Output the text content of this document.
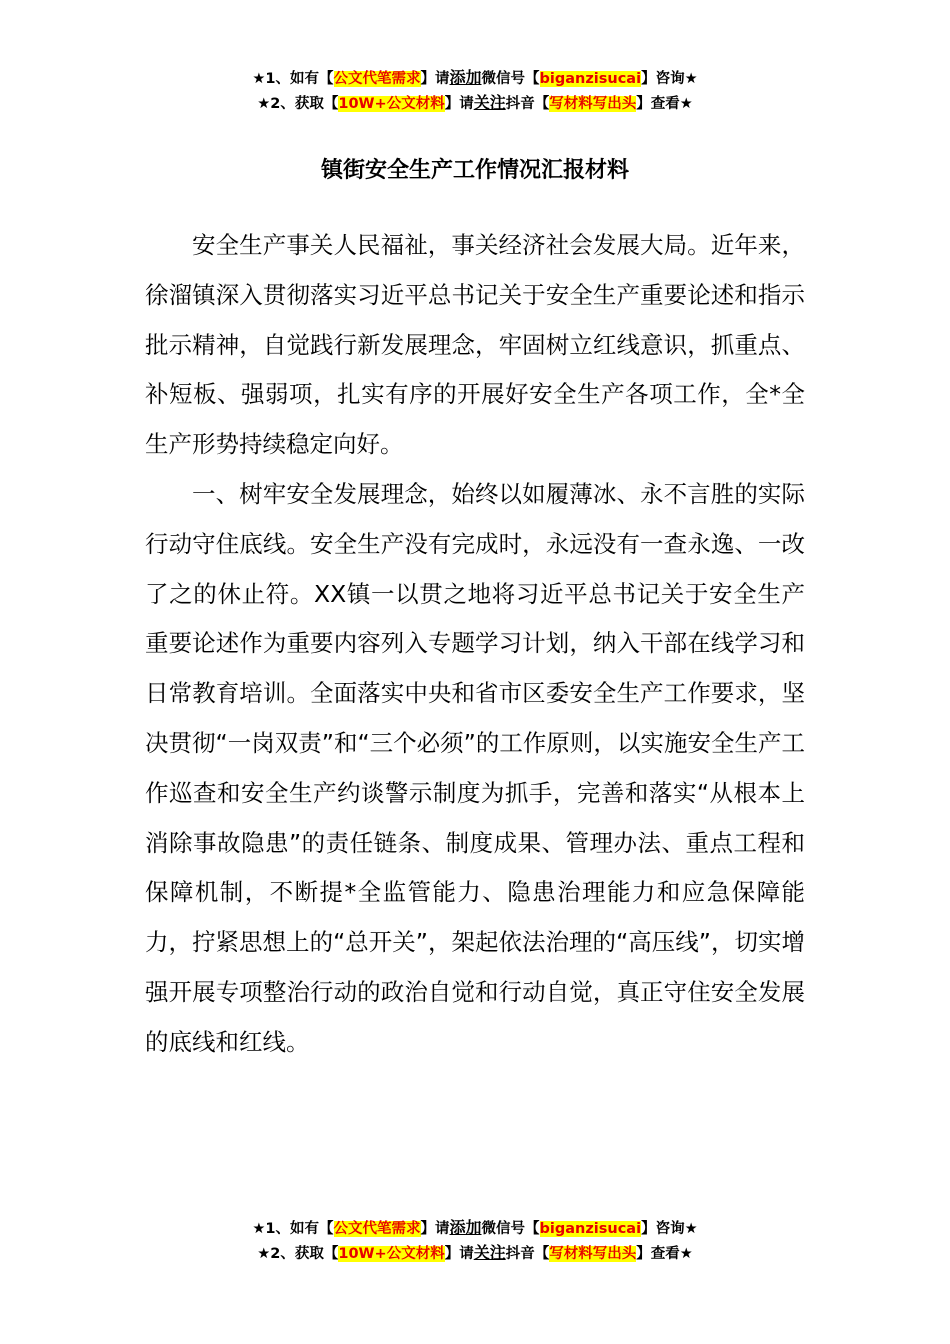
★1、如有【公文代笔需求】请添加微信号【biganzisucai】咨询★
★2、获取【10W+公文材料】请关注抖音【写材料写出头】查看★
镇街安全生产工作情况汇报材料

安全生产事关人民福祉，事关经济社会发展大局。近年来，徐溜镇深入贯彻落实习近平总书记关于安全生产重要论述和指示批示精神，自觉践行新发展理念，牢固树立红线意识，抓重点、补短板、强弱项，扎实有序的开展好安全生产各项工作，全*全生产形势持续稳定向好。

一、树牢安全发展理念，始终以如履薄冰、永不言胜的实际行动守住底线。安全生产没有完成时，永远没有一查永逸、一改了之的休止符。XX镇一以贯之地将习近平总书记关于安全生产重要论述作为重要内容列入专题学习计划，纳入干部在线学习和日常教育培训。全面落实中央和省市区委安全生产工作要求，坚决贯彻“一岗双责”和“三个必须”的工作原则，以实施安全生产工作巡查和安全生产约谈警示制度为抓手，完善和落实“从根本上消除事故隐患”的责任链条、制度成果、管理办法、重点工程和保障机制，不断提*全监管能力、隐患治理能力和应急保障能力，拧紧思想上的“总开关”，架起依法治理的“高压线”，切实增强开展专项整治行动的政治自觉和行动自觉，真正守住安全发展的底线和红线。

★1、如有【公文代笔需求】请添加微信号【biganzisucai】咨询★
★2、获取【10W+公文材料】请关注抖音【写材料写出头】查看★
